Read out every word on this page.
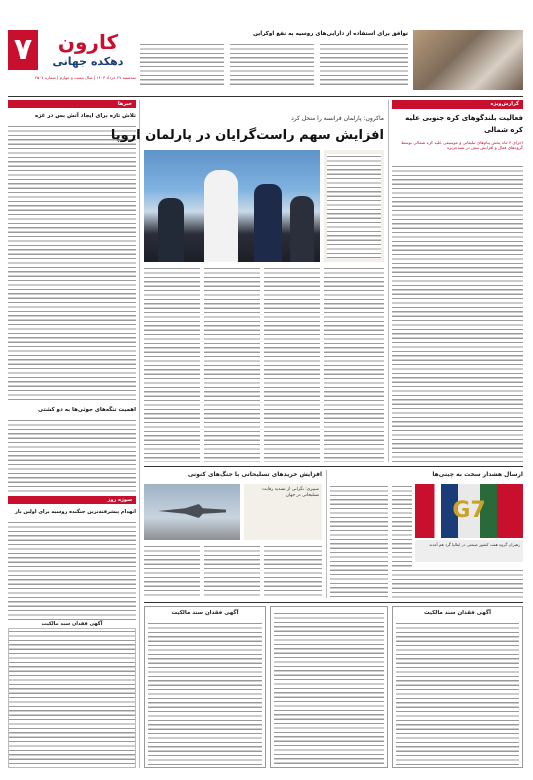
۷	کارون
دهکده جهانی
سه‌شنبه ۲۷ خرداد ۱۴۰۳ | سال بیست و چهارم | شماره ۴۵۰۷
توافق برای استفاده از دارایی‌های روسیه به نفع اوکراین
خبرها
تلاش تازه برای ایجاد آتش بس در غزه
اهمیت تنگه‌های حوثی‌ها به دو کشتی
سوژه روز
انهدام پیشرفته‌ترین جنگنده روسیه برای اولین بار
ماکرون: پارلمان فرانسه را منحل کرد
افزایش سهم راست‌گرایان در پارلمان اروپا
گزارش‌ویژه
فعالیت بلندگوهای کره جنوبی علیه کره شمالی
اجرای ۶ ماه پخش پیام‌های تبلیغاتی و موسیقی علیه کره شمالی توسط گروه‌های فعال و افزایش تنش در شبه‌جزیره
ارسال هشدار سخت به چینی‌ها
G7
رهبران گروه هفت کشور صنعتی در ایتالیا گرد هم آمدند
افزایش خریدهای تسلیحاتی با جنگ‌های کنونی
سیپری: نگرانی از تشدید رقابت تسلیحاتی در جهان
آگهی فقدان سند مالکیت
آگهی فقدان سند مالکیت
آگهی فقدان سند مالکیت
